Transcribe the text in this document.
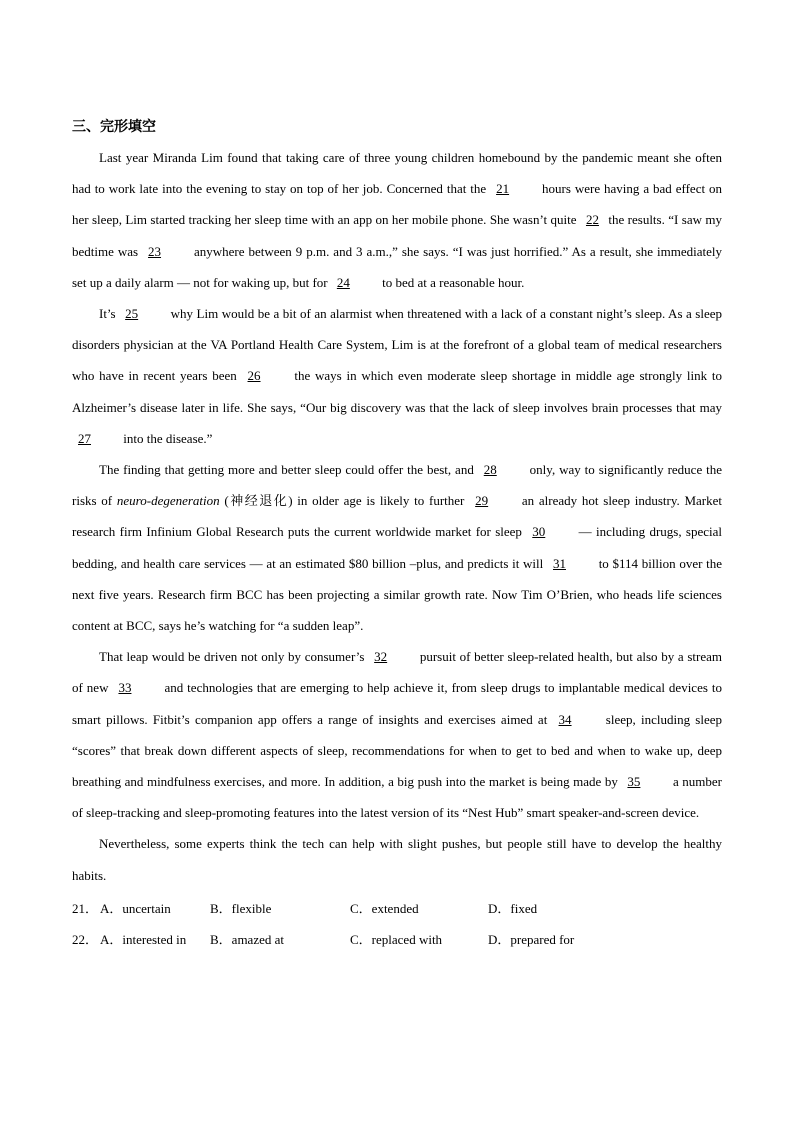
三、完形填空

Last year Miranda Lim found that taking care of three young children homebound by the pandemic meant she often had to work late into the evening to stay on top of her job. Concerned that the 21	hours were having a bad effect on her sleep, Lim started tracking her sleep time with an app on her mobile phone. She wasn’t quite 22 the results. “I saw my bedtime was 23	anywhere between 9 p.m. and 3 a.m.,” she says. “I was just horrified.” As a result, she immediately set up a daily alarm — not for waking up, but for 24 to bed at a reasonable hour.

It’s 25	why Lim would be a bit of an alarmist when threatened with a lack of a constant night’s sleep. As a sleep disorders physician at the VA Portland Health Care System, Lim is at the forefront of a global team of medical researchers who have in recent years been 26	the ways in which even moderate sleep shortage in middle age strongly link to Alzheimer’s disease later in life. She says, “Our big discovery was that the lack of sleep involves brain processes that may 27 into the disease.”

The finding that getting more and better sleep could offer the best, and 28	only, way to significantly reduce the risks of neuro-degeneration (神经退化) in older age is likely to further 29	an already hot sleep industry. Market research firm Infinium Global Research puts the current worldwide market for sleep 30	— including drugs, special bedding, and health care services — at an estimated $80 billion –plus, and predicts it will 31	to $114 billion over the next five years. Research firm BCC has been projecting a similar growth rate. Now Tim O’Brien, who heads life sciences content at BCC, says he’s watching for “a sudden leap”.

That leap would be driven not only by consumer’s 32	pursuit of better sleep-related health, but also by a stream of new 33	and technologies that are emerging to help achieve it, from sleep drugs to implantable medical devices to smart pillows. Fitbit’s companion app offers a range of insights and exercises aimed at 34	sleep, including sleep “scores” that break down different aspects of sleep, recommendations for when to get to bed and when to wake up, deep breathing and mindfulness exercises, and more. In addition, a big push into the market is being made by 35	a number of sleep-tracking and sleep-promoting features into the latest version of its “Nest Hub” smart speaker-and-screen device.

Nevertheless, some experts think the tech can help with slight pushes, but people still have to develop the healthy habits.

21． A．uncertain	B．flexible	C．extended	D．fixed
22． A．interested in	B．amazed at	C．replaced with	D．prepared for
